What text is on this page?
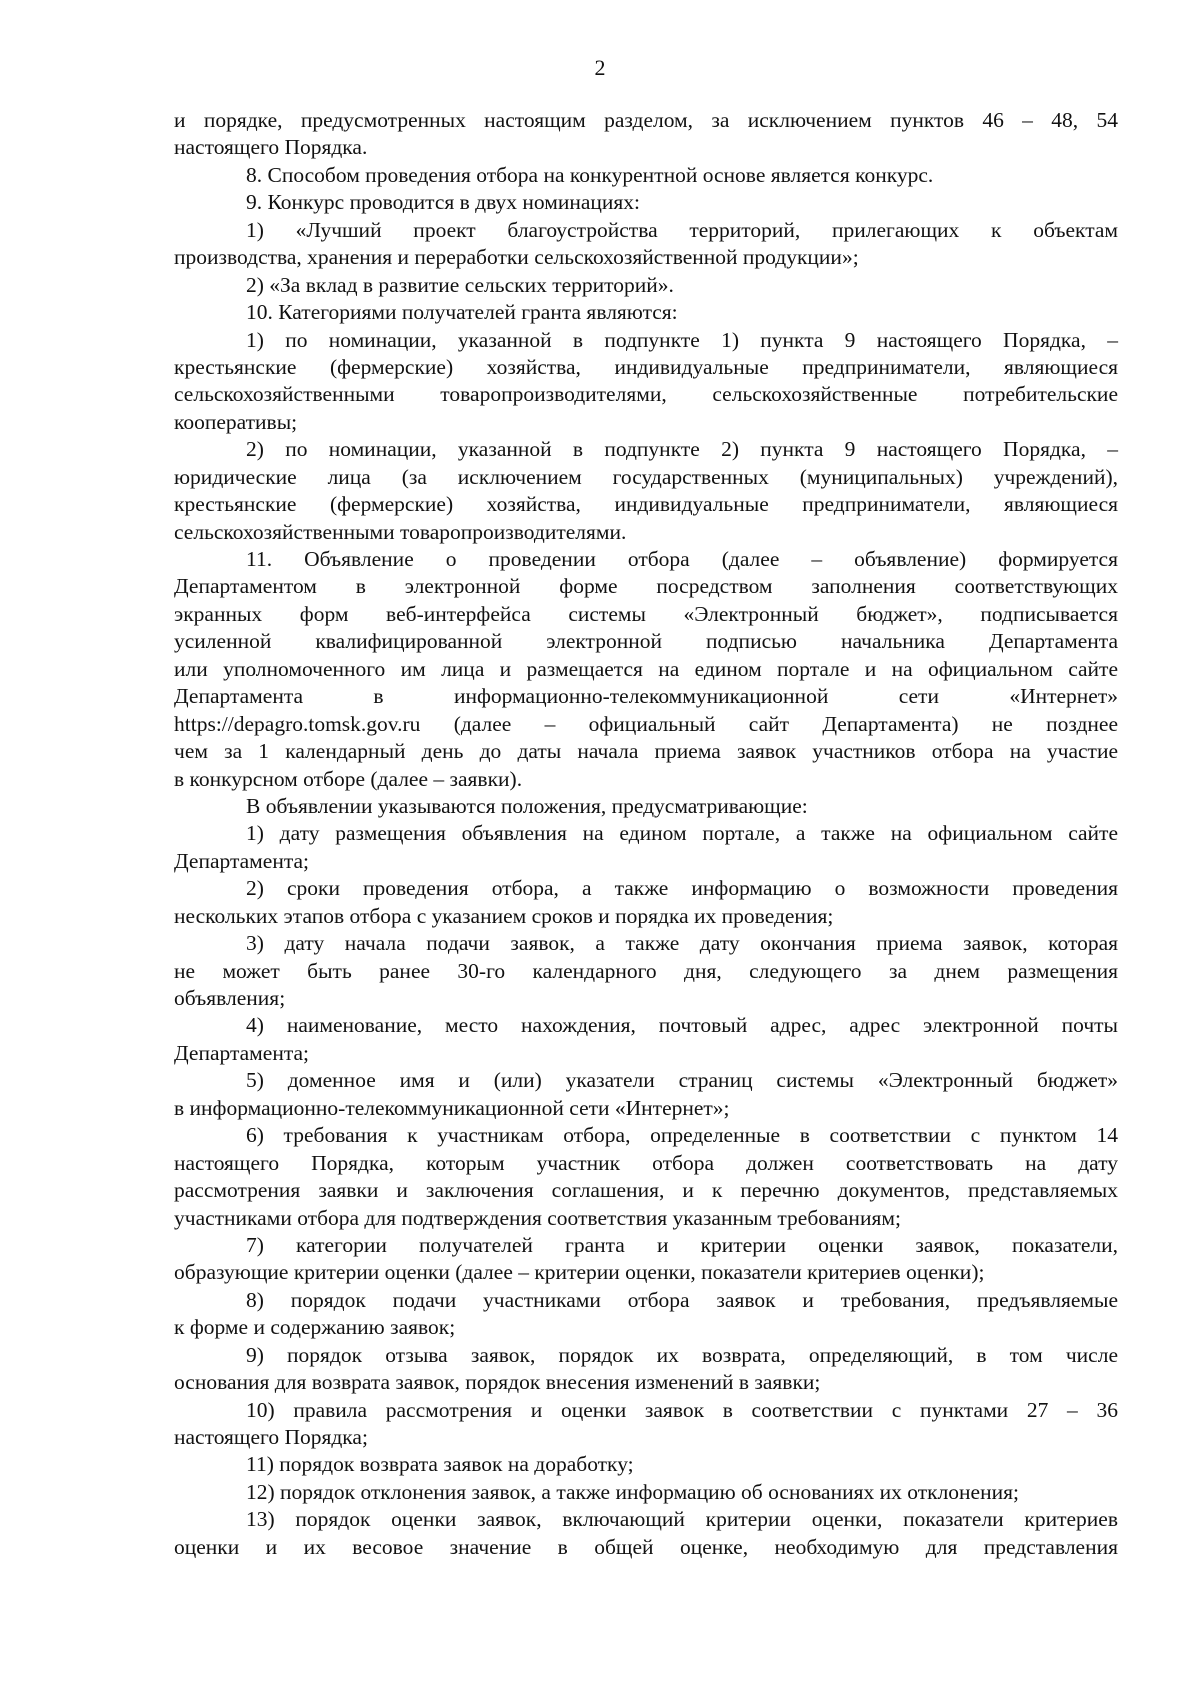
2
и порядке, предусмотренных настоящим разделом, за исключением пунктов 46 – 48, 54
настоящего Порядка.
8. Способом проведения отбора на конкурентной основе является конкурс.
9. Конкурс проводится в двух номинациях:
1) «Лучший проект благоустройства территорий, прилегающих к объектам
производства, хранения и переработки сельскохозяйственной продукции»;
2) «За вклад в развитие сельских территорий».
10. Категориями получателей гранта являются:
1) по номинации, указанной в подпункте 1) пункта 9 настоящего Порядка, –
крестьянские (фермерские) хозяйства, индивидуальные предприниматели, являющиеся
сельскохозяйственными товаропроизводителями, сельскохозяйственные потребительские
кооперативы;
2) по номинации, указанной в подпункте 2) пункта 9 настоящего Порядка, –
юридические лица (за исключением государственных (муниципальных) учреждений),
крестьянские (фермерские) хозяйства, индивидуальные предприниматели, являющиеся
сельскохозяйственными товаропроизводителями.
11. Объявление о проведении отбора (далее – объявление) формируется
Департаментом в электронной форме посредством заполнения соответствующих
экранных форм веб-интерфейса системы «Электронный бюджет», подписывается
усиленной квалифицированной электронной подписью начальника Департамента
или уполномоченного им лица и размещается на едином портале и на официальном сайте
Департамента в информационно-телекоммуникационной сети «Интернет»
https://depagro.tomsk.gov.ru (далее – официальный сайт Департамента) не позднее
чем за 1 календарный день до даты начала приема заявок участников отбора на участие
в конкурсном отборе (далее – заявки).
В объявлении указываются положения, предусматривающие:
1) дату размещения объявления на едином портале, а также на официальном сайте
Департамента;
2) сроки проведения отбора, а также информацию о возможности проведения
нескольких этапов отбора с указанием сроков и порядка их проведения;
3) дату начала подачи заявок, а также дату окончания приема заявок, которая
не может быть ранее 30-го календарного дня, следующего за днем размещения
объявления;
4) наименование, место нахождения, почтовый адрес, адрес электронной почты
Департамента;
5) доменное имя и (или) указатели страниц системы «Электронный бюджет»
в информационно-телекоммуникационной сети «Интернет»;
6) требования к участникам отбора, определенные в соответствии с пунктом 14
настоящего Порядка, которым участник отбора должен соответствовать на дату
рассмотрения заявки и заключения соглашения, и к перечню документов, представляемых
участниками отбора для подтверждения соответствия указанным требованиям;
7) категории получателей гранта и критерии оценки заявок, показатели,
образующие критерии оценки (далее – критерии оценки, показатели критериев оценки);
8) порядок подачи участниками отбора заявок и требования, предъявляемые
к форме и содержанию заявок;
9) порядок отзыва заявок, порядок их возврата, определяющий, в том числе
основания для возврата заявок, порядок внесения изменений в заявки;
10) правила рассмотрения и оценки заявок в соответствии с пунктами 27 – 36
настоящего Порядка;
11) порядок возврата заявок на доработку;
12) порядок отклонения заявок, а также информацию об основаниях их отклонения;
13) порядок оценки заявок, включающий критерии оценки, показатели критериев
оценки и их весовое значение в общей оценке, необходимую для представления
